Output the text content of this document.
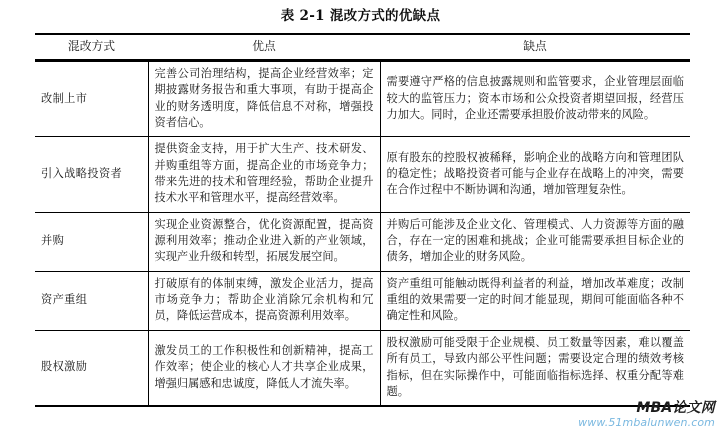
表 2-1 混改方式的优缺点
混改方式	优点	缺点

改制上市	完善公司治理结构，提高企业经营效率；定期披露财务报告和重大事项，有助于提高企业的财务透明度，降低信息不对称，增强投资者信心。	需要遵守严格的信息披露规则和监管要求，企业管理层面临较大的监管压力；资本市场和公众投资者期望回报，经营压力加大。同时，企业还需要承担股价波动带来的风险。
引入战略投资者	提供资金支持，用于扩大生产、技术研发、并购重组等方面，提高企业的市场竞争力；带来先进的技术和管理经验，帮助企业提升技术水平和管理水平，提高经营效率。	原有股东的控股权被稀释，影响企业的战略方向和管理团队的稳定性；战略投资者可能与企业存在战略上的冲突，需要在合作过程中不断协调和沟通，增加管理复杂性。
并购	实现企业资源整合，优化资源配置，提高资源利用效率；推动企业进入新的产业领域，实现产业升级和转型，拓展发展空间。	并购后可能涉及企业文化、管理模式、人力资源等方面的融合，存在一定的困难和挑战；企业可能需要承担目标企业的债务，增加企业的财务风险。
资产重组	打破原有的体制束缚，激发企业活力，提高市场竞争力；帮助企业消除冗余机构和冗员，降低运营成本，提高资源利用效率。	资产重组可能触动既得利益者的利益，增加改革难度；改制重组的效果需要一定的时间才能显现，期间可能面临各种不确定性和风险。
股权激励	激发员工的工作积极性和创新精神，提高工作效率；使企业的核心人才共享企业成果，增强归属感和忠诚度，降低人才流失率。	股权激励可能受限于企业规模、员工数量等因素，难以覆盖所有员工，导致内部公平性问题；需要设定合理的绩效考核指标，但在实际操作中，可能面临指标选择、权重分配等难题。
MBA论文网
www.51mbalunwen.com
